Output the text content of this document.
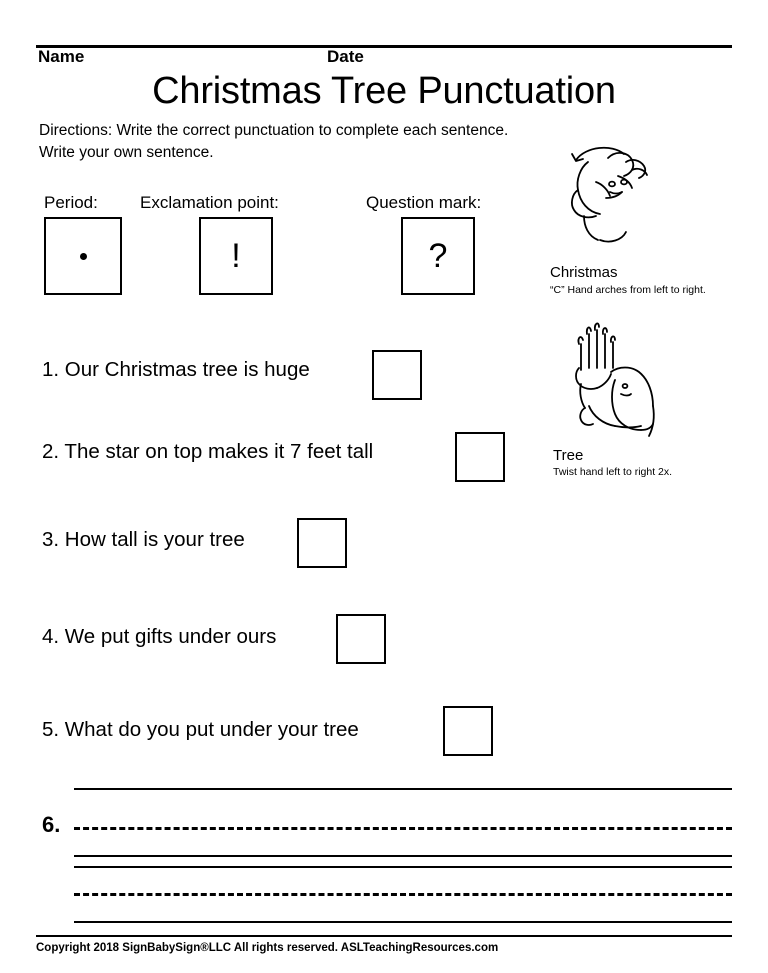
Name	Date
Christmas Tree Punctuation
Directions: Write the correct punctuation to complete each sentence.
Write your own sentence.
Period: Exclamation point:
!
Question mark:
?
1. Our Christmas tree is huge
2. The star on top makes it 7 feet tall
3. How tall is your tree
4. We put gifts under ours
5. What do you put under your tree
6.
Christmas
“C” Hand arches from left to right.
Tree
Twist hand left to right 2x.
Copyright 2018 SignBabySign®LLC All rights reserved. ASLTeachingResources.com
